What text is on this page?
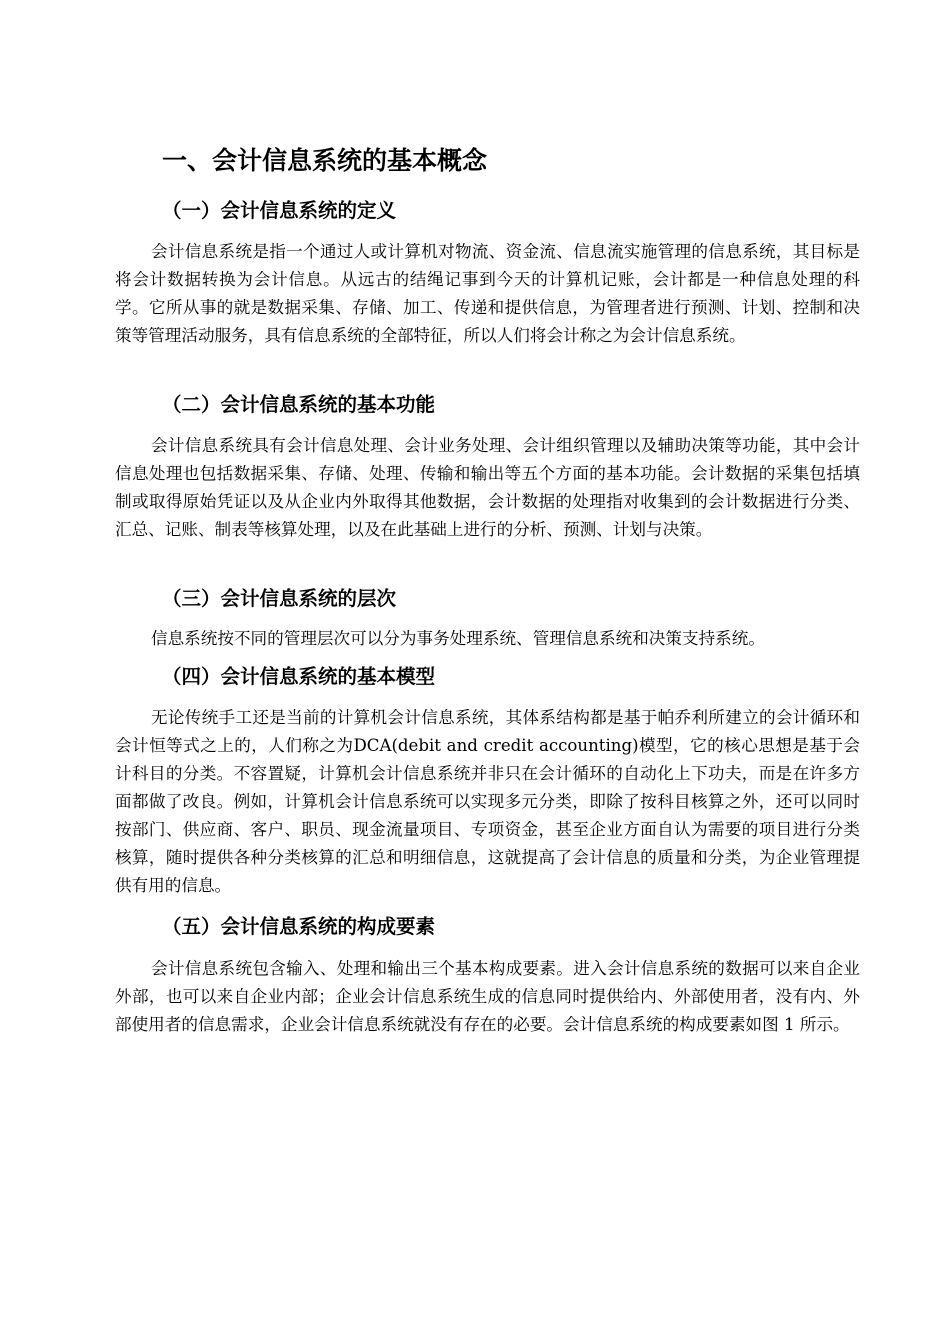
一、会计信息系统的基本概念
（一）会计信息系统的定义

会计信息系统是指一个通过人或计算机对物流、资金流、信息流实施管理的信息系统，其目标是将会计数据转换为会计信息。从远古的结绳记事到今天的计算机记账，会计都是一种信息处理的科学。它所从事的就是数据采集、存储、加工、传递和提供信息，为管理者进行预测、计划、控制和决策等管理活动服务，具有信息系统的全部特征，所以人们将会计称之为会计信息系统。

（二）会计信息系统的基本功能

会计信息系统具有会计信息处理、会计业务处理、会计组织管理以及辅助决策等功能，其中会计信息处理也包括数据采集、存储、处理、传输和输出等五个方面的基本功能。会计数据的采集包括填制或取得原始凭证以及从企业内外取得其他数据，会计数据的处理指对收集到的会计数据进行分类、汇总、记账、制表等核算处理，以及在此基础上进行的分析、预测、计划与决策。

（三）会计信息系统的层次

信息系统按不同的管理层次可以分为事务处理系统、管理信息系统和决策支持系统。

（四）会计信息系统的基本模型

无论传统手工还是当前的计算机会计信息系统，其体系结构都是基于帕乔利所建立的会计循环和会计恒等式之上的，人们称之为DCA(debit and credit accounting)模型，它的核心思想是基于会计科目的分类。不容置疑，计算机会计信息系统并非只在会计循环的自动化上下功夫，而是在许多方面都做了改良。例如，计算机会计信息系统可以实现多元分类，即除了按科目核算之外，还可以同时按部门、供应商、客户、职员、现金流量项目、专项资金，甚至企业方面自认为需要的项目进行分类核算，随时提供各种分类核算的汇总和明细信息，这就提高了会计信息的质量和分类，为企业管理提供有用的信息。

（五）会计信息系统的构成要素

会计信息系统包含输入、处理和输出三个基本构成要素。进入会计信息系统的数据可以来自企业外部，也可以来自企业内部；企业会计信息系统生成的信息同时提供给内、外部使用者，没有内、外部使用者的信息需求，企业会计信息系统就没有存在的必要。会计信息系统的构成要素如图 1 所示。
